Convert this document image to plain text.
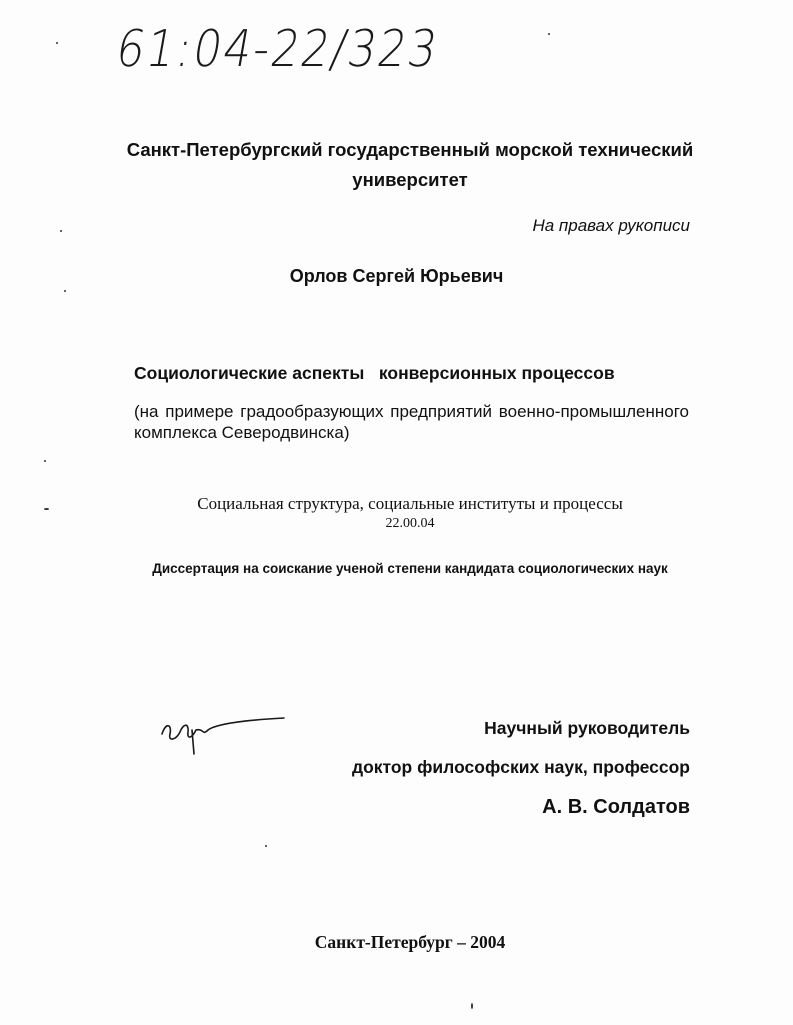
61:04-22/323
Санкт-Петербургский государственный морской технический
университет
На правах рукописи
Орлов Сергей Юрьевич
Социологические аспекты   конверсионных процессов
(на примере градообразующих предприятий военно-промышленного комплекса Северодвинска)
Социальная структура, социальные институты и процессы
22.00.04
Диссертация на соискание ученой степени кандидата социологических наук
Научный руководитель
доктор философских наук, профессор
А. В. Солдатов
Санкт-Петербург – 2004
